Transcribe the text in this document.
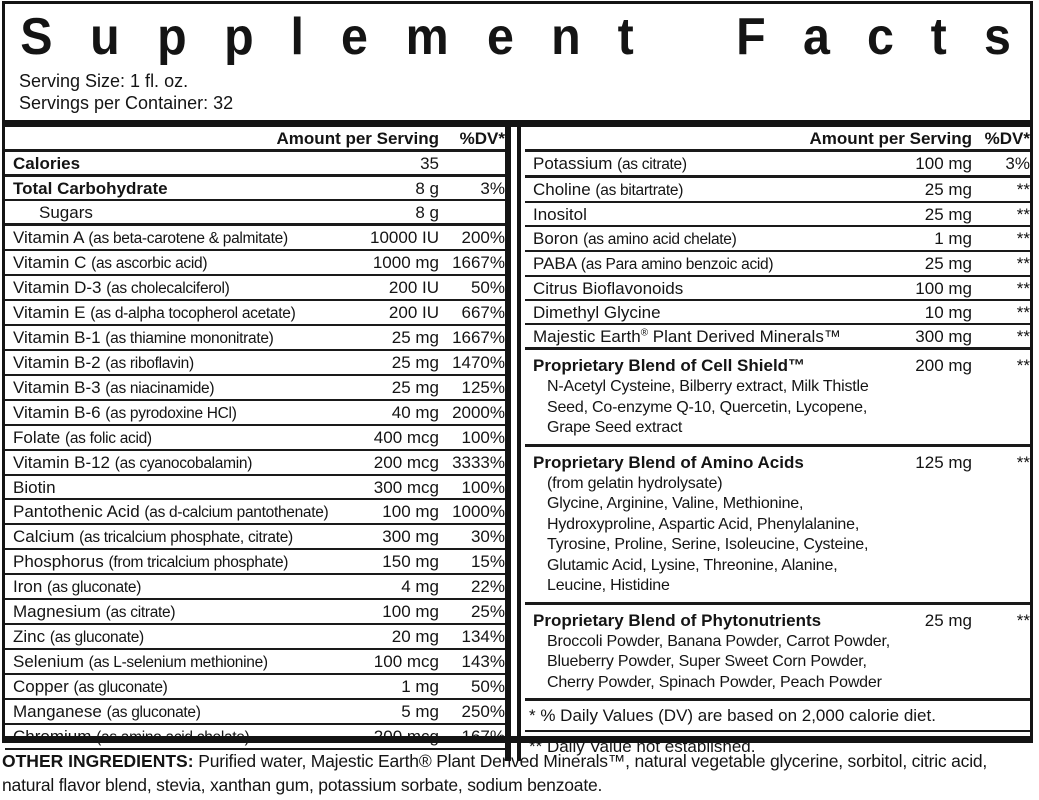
S u p p l e m e n t
F a c t s
Serving Size: 1 fl. oz.
Servings per Container: 32
Amount per Serving	%DV*
Calories	35
Total Carbohydrate	8 g	3%
Sugars	8 g
Vitamin A (as beta-carotene & palmitate)	10000 IU	200%
Vitamin C (as ascorbic acid)	1000 mg 1667%
Vitamin D-3 (as cholecalciferol)	200 IU	50%
Vitamin E (as d-alpha tocopherol acetate)	200 IU	667%
Vitamin B-1 (as thiamine mononitrate)	25 mg 1667%
Vitamin B-2 (as riboflavin)	25 mg 1470%
Vitamin B-3 (as niacinamide)	25 mg	125%
Vitamin B-6 (as pyrodoxine HCl)	40 mg 2000%
Folate (as folic acid)	400 mcg	100%
Vitamin B-12 (as cyanocobalamin)	200 mcg 3333%
Biotin	300 mcg	100%
Pantothenic Acid (as d-calcium pantothenate)	100 mg 1000%
Calcium (as tricalcium phosphate, citrate)	300 mg	30%
Phosphorus (from tricalcium phosphate)	150 mg	15%
Iron (as gluconate)	4 mg	22%
Magnesium (as citrate)	100 mg	25%
Zinc (as gluconate)	20 mg	134%
Selenium (as L-selenium methionine)	100 mcg	143%
Copper (as gluconate)	1 mg	50%
Manganese (as gluconate)	5 mg	250%
Chromium (as amino acid chelate)	200 mcg	167%
Amount per Serving %DV*
Potassium (as citrate)	100 mg	3%
Choline (as bitartrate)	25 mg	**
Inositol	25 mg	**
Boron (as amino acid chelate)	1 mg	**
PABA (as Para amino benzoic acid)	25 mg	**
Citrus Bioflavonoids	100 mg	**
Dimethyl Glycine	10 mg	**
Majestic Earth® Plant Derived Minerals™	300 mg	**
Proprietary Blend of Cell Shield™	200 mg	**
N-Acetyl Cysteine, Bilberry extract, Milk Thistle
Seed, Co-enzyme Q-10, Quercetin, Lycopene,
Grape Seed extract
Proprietary Blend of Amino Acids	125 mg	**
(from gelatin hydrolysate)
Glycine, Arginine, Valine, Methionine,
Hydroxyproline, Aspartic Acid, Phenylalanine,
Tyrosine, Proline, Serine, Isoleucine, Cysteine,
Glutamic Acid, Lysine, Threonine, Alanine,
Leucine, Histidine
Proprietary Blend of Phytonutrients	25 mg	**
Broccoli Powder, Banana Powder, Carrot Powder,
Blueberry Powder, Super Sweet Corn Powder,
Cherry Powder, Spinach Powder, Peach Powder
* % Daily Values (DV) are based on 2,000 calorie diet.
** Daily Value not established.
OTHER INGREDIENTS: Purified water, Majestic Earth® Plant Derived Minerals™, natural vegetable glycerine, sorbitol, citric acid, natural flavor blend, stevia, xanthan gum, potassium sorbate, sodium benzoate.
